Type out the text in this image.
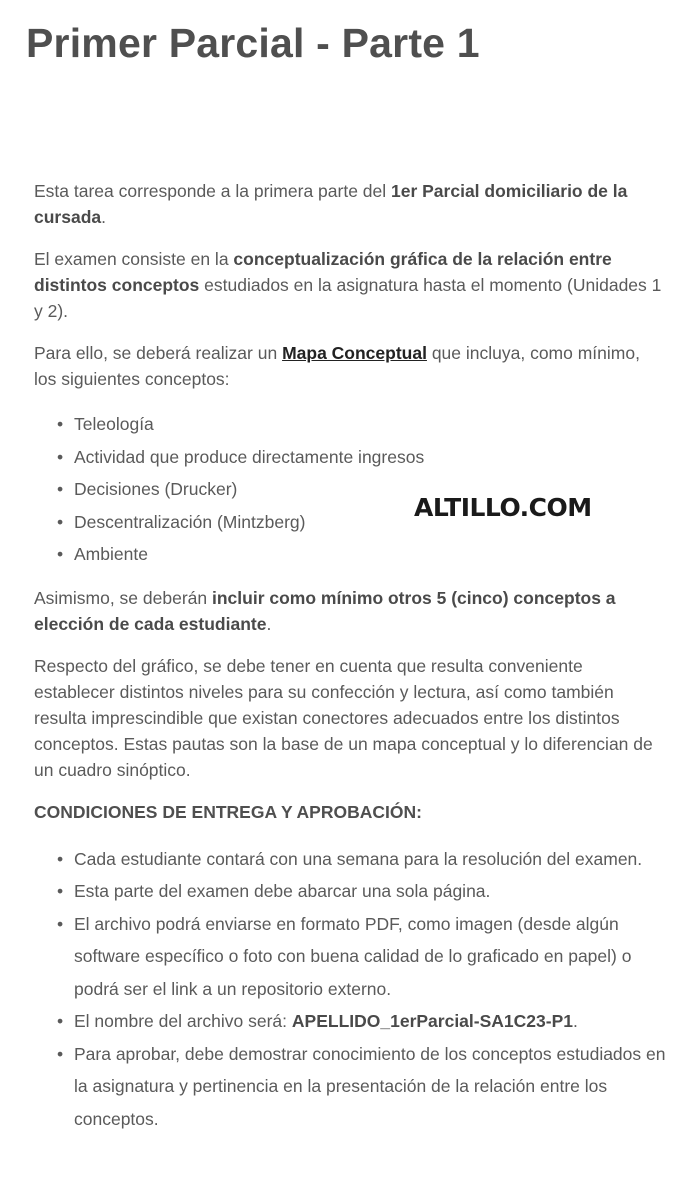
Primer Parcial - Parte 1

Esta tarea corresponde a la primera parte del 1er Parcial domiciliario de la cursada.

El examen consiste en la conceptualización gráfica de la relación entre distintos conceptos estudiados en la asignatura hasta el momento (Unidades 1 y 2).

Para ello, se deberá realizar un Mapa Conceptual que incluya, como mínimo, los siguientes conceptos:

• Teleología
• Actividad que produce directamente ingresos
• Decisiones (Drucker)
• Descentralización (Mintzberg)
• Ambiente

Asimismo, se deberán incluir como mínimo otros 5 (cinco) conceptos a elección de cada estudiante.

Respecto del gráfico, se debe tener en cuenta que resulta conveniente establecer distintos niveles para su confección y lectura, así como también resulta imprescindible que existan conectores adecuados entre los distintos conceptos. Estas pautas son la base de un mapa conceptual y lo diferencian de un cuadro sinóptico.

CONDICIONES DE ENTREGA Y APROBACIÓN:

• Cada estudiante contará con una semana para la resolución del examen.
• Esta parte del examen debe abarcar una sola página.
• El archivo podrá enviarse en formato PDF, como imagen (desde algún software específico o foto con buena calidad de lo graficado en papel) o podrá ser el link a un repositorio externo.
• El nombre del archivo será: APELLIDO_1erParcial-SA1C23-P1.
• Para aprobar, debe demostrar conocimiento de los conceptos estudiados en la asignatura y pertinencia en la presentación de la relación entre los conceptos.
ALTILLO.COM
